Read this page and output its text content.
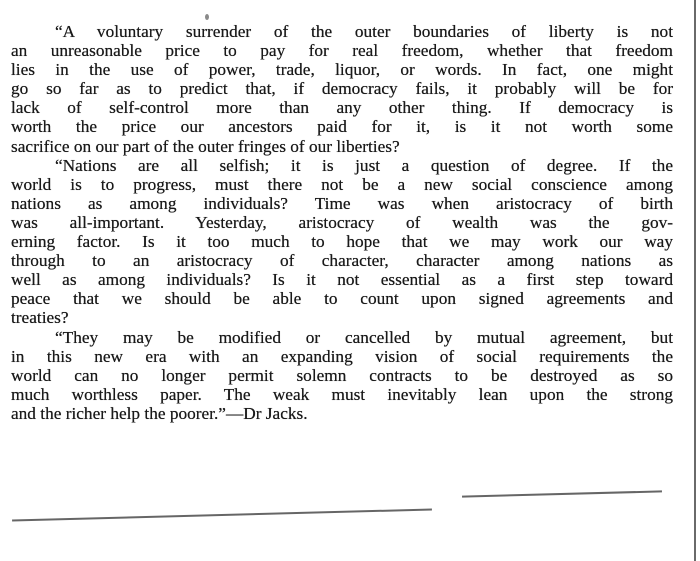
“A voluntary surrender of the outer boundaries of liberty is not
an unreasonable price to pay for real freedom, whether that freedom
lies in the use of power, trade, liquor, or words. In fact, one might
go so far as to predict that, if democracy fails, it probably will be for
lack of self-control more than any other thing. If democracy is
worth the price our ancestors paid for it, is it not worth some
sacrifice on our part of the outer fringes of our liberties?
“Nations are all selfish; it is just a question of degree. If the
world is to progress, must there not be a new social conscience among
nations as among individuals? Time was when aristocracy of birth
was all-important. Yesterday, aristocracy of wealth was the gov-
erning factor. Is it too much to hope that we may work our way
through to an aristocracy of character, character among nations as
well as among individuals? Is it not essential as a first step toward
peace that we should be able to count upon signed agreements and
treaties?
“They may be modified or cancelled by mutual agreement, but
in this new era with an expanding vision of social requirements the
world can no longer permit solemn contracts to be destroyed as so
much worthless paper. The weak must inevitably lean upon the strong
and the richer help the poorer.”—Dr Jacks.
